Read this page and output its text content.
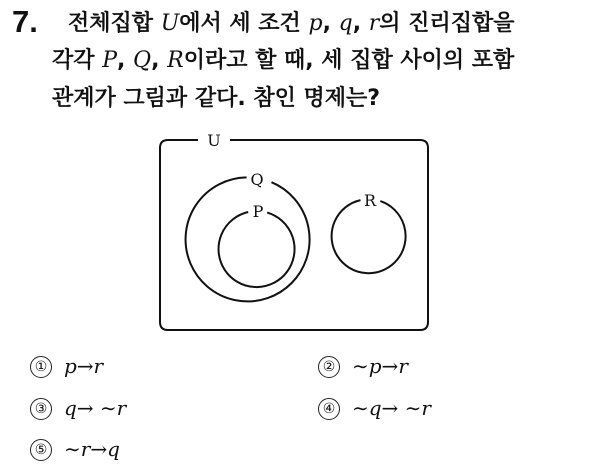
7. 전체집합 U에서 세 조건 p, q, r의 진리집합을
각각 P, Q, R이라고 할 때, 세 집합 사이의 포함
관계가 그림과 같다. 참인 명제는?
U
Q
P
R
① p→r	② ∼p→r
③ q→ ∼r	④ ∼q→ ∼r
⑤ ∼r→q
